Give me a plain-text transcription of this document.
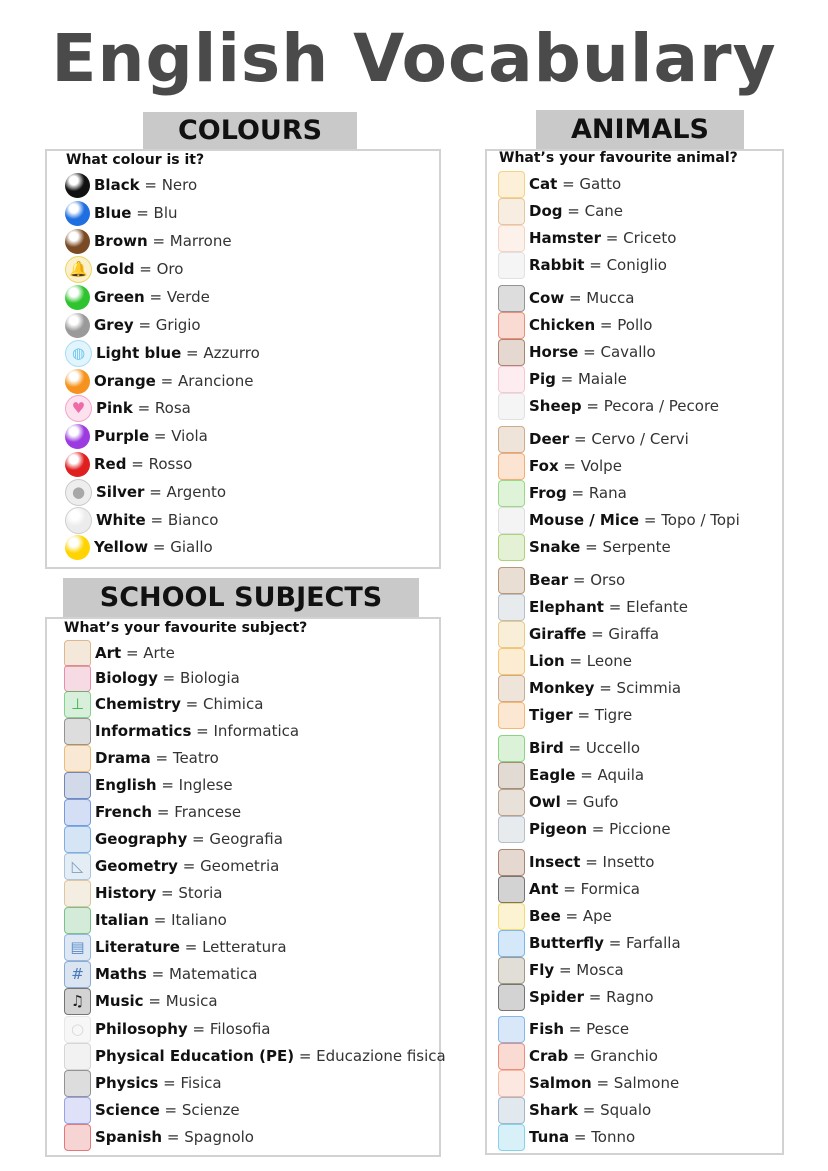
English Vocabulary
COLOURS
What colour is it?
Black = Nero
Blue = Blu
Brown = Marrone
🔔 Gold = Oro
Green = Verde
Grey = Grigio
◍ Light blue = Azzurro
Orange = Arancione
♥ Pink = Rosa
Purple = Viola
Red = Rosso
● Silver = Argento
White = Bianco
Yellow = Giallo
SCHOOL SUBJECTS
What’s your favourite subject?
Art = Arte
Biology = Biologia
⊥ Chemistry = Chimica
Informatics = Informatica
Drama = Teatro
English = Inglese
French = Francese
Geography = Geografia
◺ Geometry = Geometria
History = Storia
Italian = Italiano
▤ Literature = Letteratura
# Maths = Matematica
♫ Music = Musica
○ Philosophy = Filosofia
Physical Education (PE) = Educazione fisica
Physics = Fisica
Science = Scienze
Spanish = Spagnolo
ANIMALS
What’s your favourite animal?
Cat = Gatto
Dog = Cane
Hamster = Criceto
Rabbit = Coniglio
Cow = Mucca
Chicken = Pollo
Horse = Cavallo
Pig = Maiale
Sheep = Pecora / Pecore
Deer = Cervo / Cervi
Fox = Volpe
Frog = Rana
Mouse / Mice = Topo / Topi
Snake = Serpente
Bear = Orso
Elephant = Elefante
Giraffe = Giraffa
Lion = Leone
Monkey = Scimmia
Tiger = Tigre
Bird = Uccello
Eagle = Aquila
Owl = Gufo
Pigeon = Piccione
Insect = Insetto
Ant = Formica
Bee = Ape
Butterfly = Farfalla
Fly = Mosca
Spider = Ragno
Fish = Pesce
Crab = Granchio
Salmon = Salmone
Shark = Squalo
Tuna = Tonno
